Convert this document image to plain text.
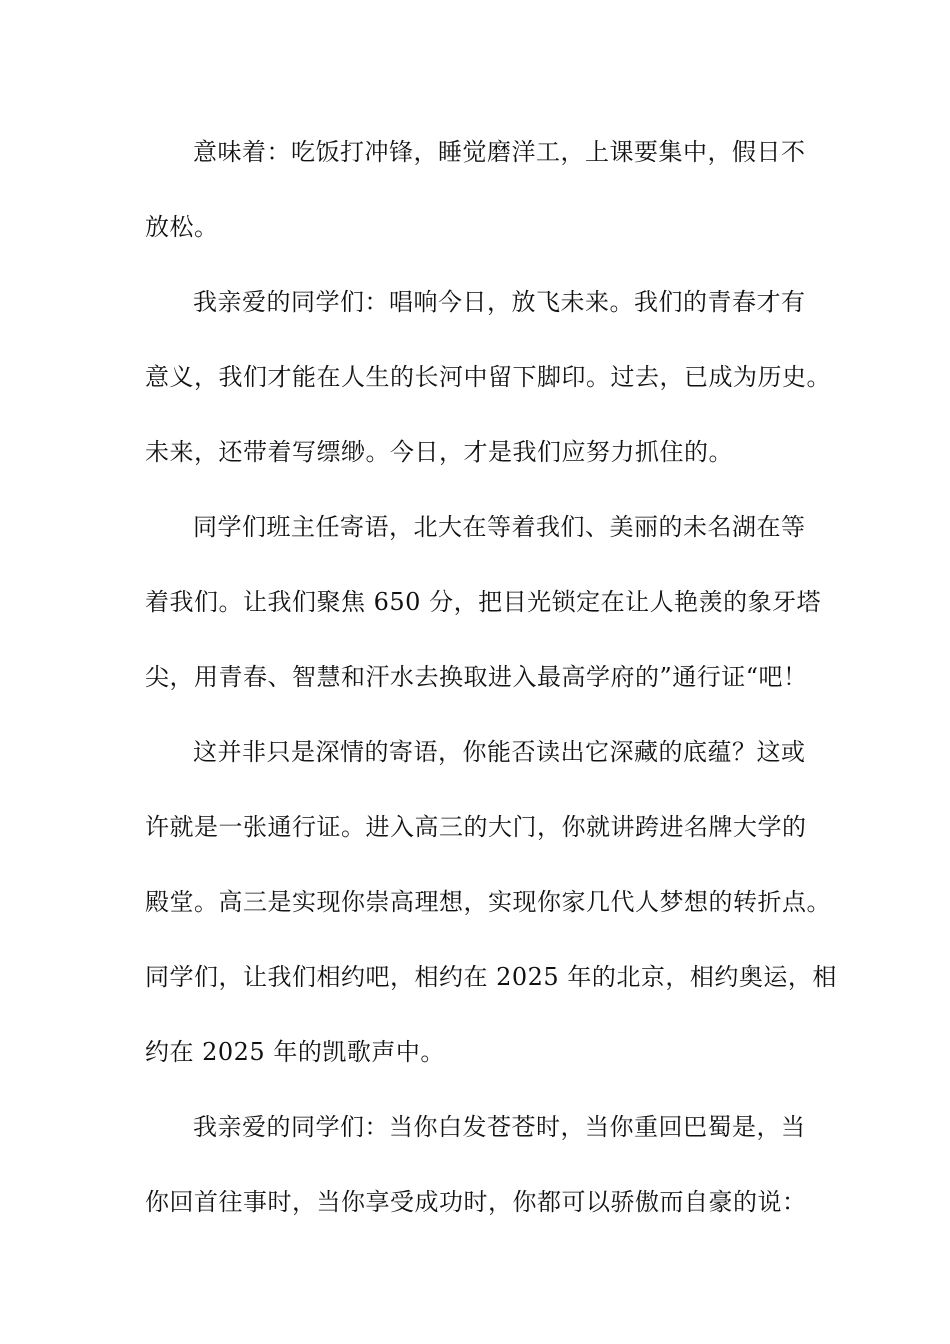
意味着：吃饭打冲锋，睡觉磨洋工，上课要集中，假日不
放松。
我亲爱的同学们：唱响今日，放飞未来。我们的青春才有
意义，我们才能在人生的长河中留下脚印。过去，已成为历史。
未来，还带着写缥缈。今日，才是我们应努力抓住的。
同学们班主任寄语，北大在等着我们、美丽的未名湖在等
着我们。让我们聚焦 650 分，把目光锁定在让人艳羡的象牙塔
尖，用青春、智慧和汗水去换取进入最高学府的”通行证“吧！
这并非只是深情的寄语，你能否读出它深藏的底蕴？这或
许就是一张通行证。进入高三的大门，你就讲跨进名牌大学的
殿堂。高三是实现你崇高理想，实现你家几代人梦想的转折点。
同学们，让我们相约吧，相约在 2025 年的北京，相约奥运，相
约在 2025 年的凯歌声中。
我亲爱的同学们：当你白发苍苍时，当你重回巴蜀是，当
你回首往事时，当你享受成功时，你都可以骄傲而自豪的说：
